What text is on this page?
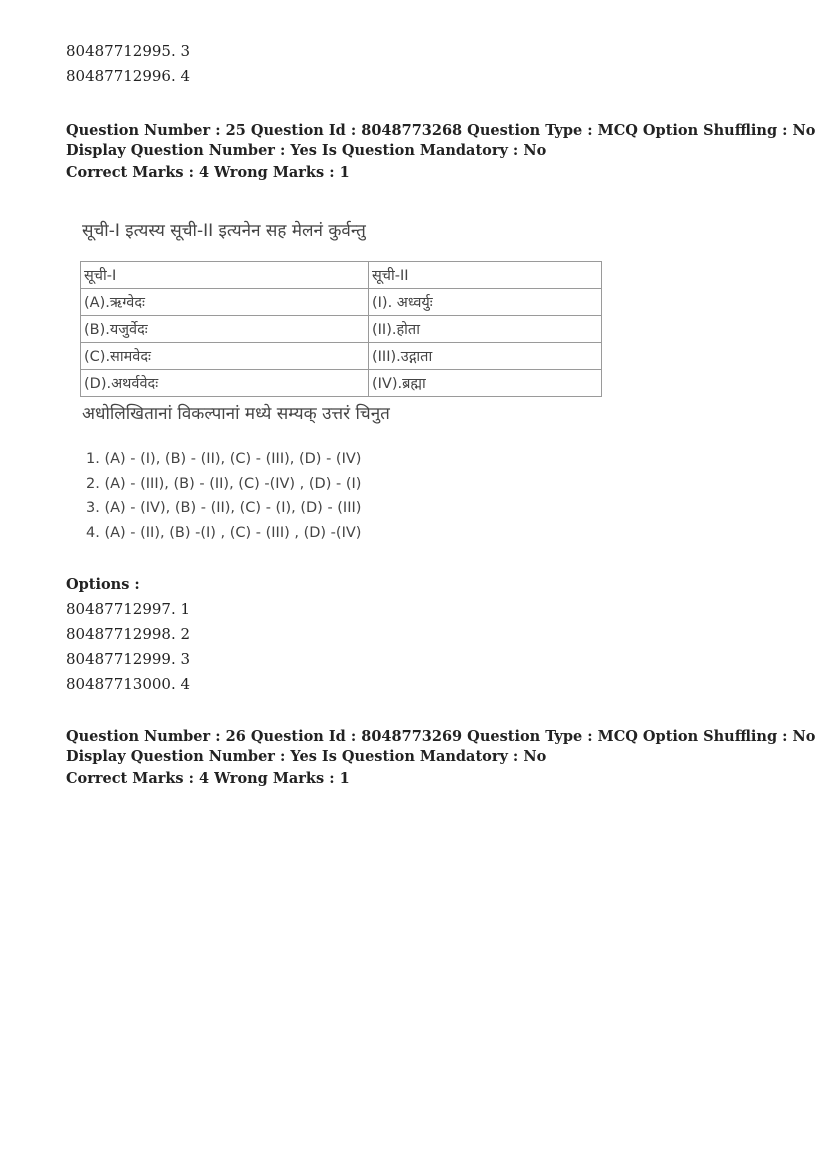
80487712995. 3
80487712996. 4
Question Number : 25 Question Id : 8048773268 Question Type : MCQ Option Shuffling : No
Display Question Number : Yes Is Question Mandatory : No
Correct Marks : 4 Wrong Marks : 1
सूची-I इत्यस्य सूची-II इत्यनेन सह मेलनं कुर्वन्तु
सूची-I	सूची-II
(A).ऋग्वेदः	(I). अध्वर्युः
(B).यजुर्वेदः	(II).होता
(C).सामवेदः	(III).उद्गाता
(D).अथर्ववेदः	(IV).ब्रह्मा
अधोलिखितानां विकल्पानां मध्ये सम्यक् उत्तरं चिनुत
1. (A) - (I), (B) - (II), (C) - (III), (D) - (IV)
2. (A) - (III), (B) - (II), (C) -(IV) , (D) - (I)
3. (A) - (IV), (B) - (II), (C) - (I), (D) - (III)
4. (A) - (II), (B) -(I) , (C) - (III) , (D) -(IV)
Options :
80487712997. 1
80487712998. 2
80487712999. 3
80487713000. 4
Question Number : 26 Question Id : 8048773269 Question Type : MCQ Option Shuffling : No
Display Question Number : Yes Is Question Mandatory : No
Correct Marks : 4 Wrong Marks : 1
